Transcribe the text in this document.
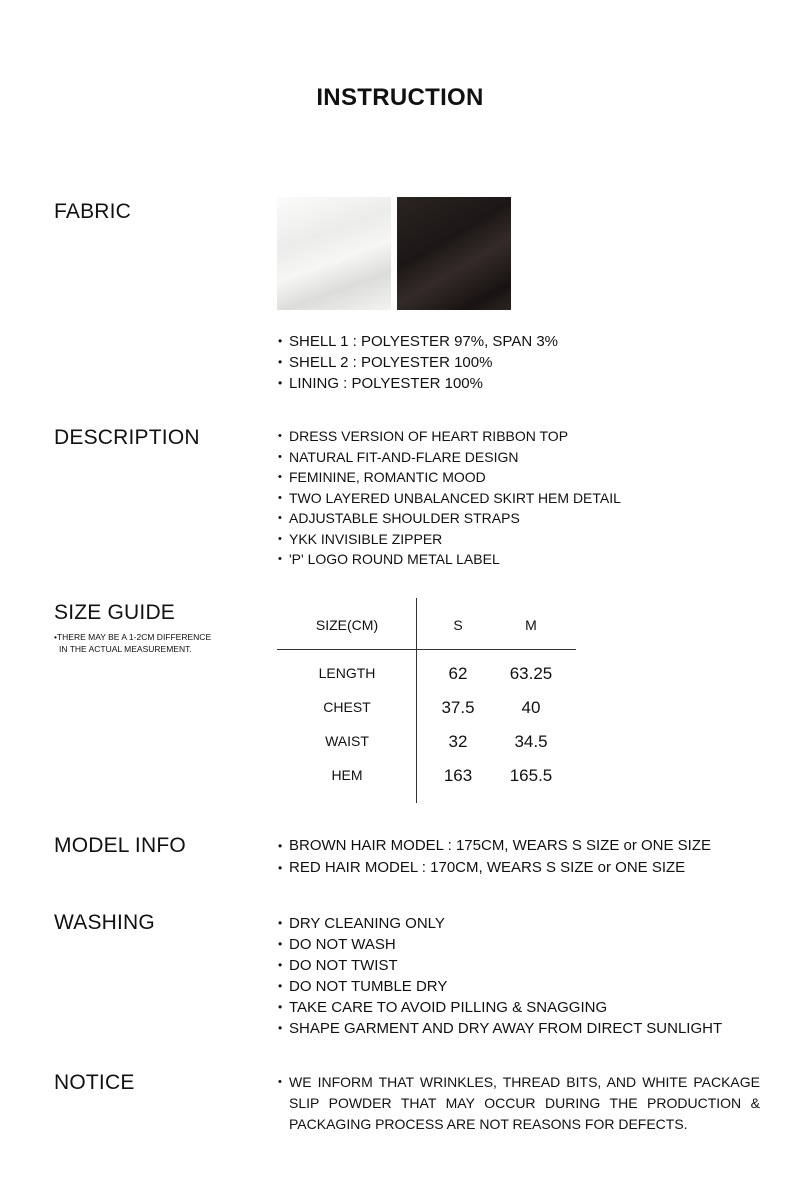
INSTRUCTION
FABRIC
• SHELL 1 : POLYESTER 97%, SPAN 3%
• SHELL 2 : POLYESTER 100%
• LINING : POLYESTER 100%
DESCRIPTION	• DRESS VERSION OF HEART RIBBON TOP
• NATURAL FIT-AND-FLARE DESIGN
• FEMININE, ROMANTIC MOOD
• TWO LAYERED UNBALANCED SKIRT HEM DETAIL
• ADJUSTABLE SHOULDER STRAPS
• YKK INVISIBLE ZIPPER
• 'P' LOGO ROUND METAL LABEL
SIZE GUIDE
•THERE MAY BE A 1-2CM DIFFERENCE
IN THE ACTUAL MEASUREMENT.
SIZE(CM)	S	M
LENGTH	62	63.25
CHEST	37.5	40
WAIST	32	34.5
HEM	163	165.5
MODEL INFO	• BROWN HAIR MODEL : 175CM, WEARS S SIZE or ONE SIZE
• RED HAIR MODEL : 170CM, WEARS S SIZE or ONE SIZE
WASHING	• DRY CLEANING ONLY
• DO NOT WASH
• DO NOT TWIST
• DO NOT TUMBLE DRY
• TAKE CARE TO AVOID PILLING & SNAGGING
• SHAPE GARMENT AND DRY AWAY FROM DIRECT SUNLIGHT
NOTICE	• WE INFORM THAT WRINKLES, THREAD BITS, AND WHITE PACKAGE SLIP POWDER THAT MAY OCCUR DURING THE PRODUCTION & PACKAGING PROCESS ARE NOT REASONS FOR DEFECTS.
